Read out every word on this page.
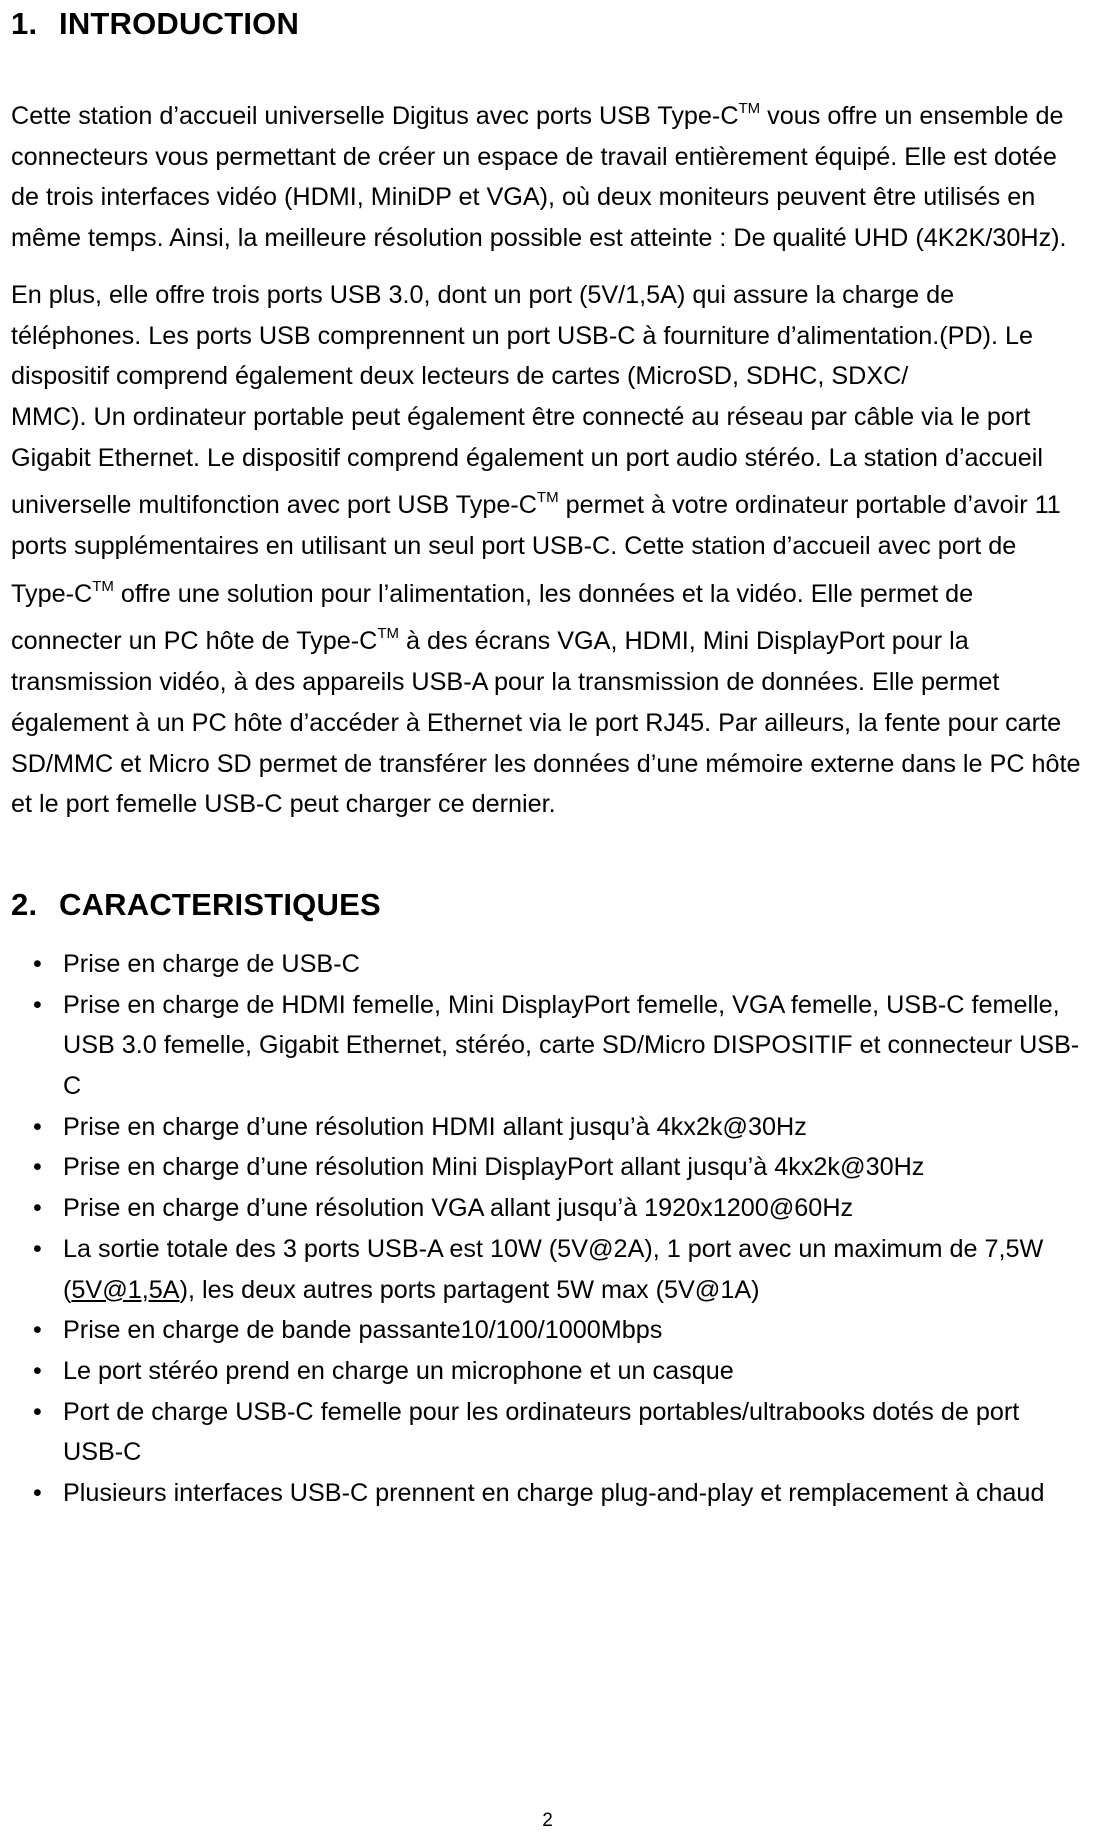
1. INTRODUCTION

Cette station d’accueil universelle Digitus avec ports USB Type-C™ vous offre un ensemble de connecteurs vous permettant de créer un espace de travail entièrement équipé. Elle est dotée de trois interfaces vidéo (HDMI, MiniDP et VGA), où deux moniteurs peuvent être utilisés en même temps. Ainsi, la meilleure résolution possible est atteinte : De qualité UHD (4K2K/30Hz).

En plus, elle offre trois ports USB 3.0, dont un port (5V/1,5A) qui assure la charge de téléphones. Les ports USB comprennent un port USB-C à fourniture d’alimentation.(PD). Le dispositif comprend également deux lecteurs de cartes (MicroSD, SDHC, SDXC/
MMC). Un ordinateur portable peut également être connecté au réseau par câble via le port Gigabit Ethernet. Le dispositif comprend également un port audio stéréo. La station d’accueil universelle multifonction avec port USB Type-C™ permet à votre ordinateur portable d’avoir 11 ports supplémentaires en utilisant un seul port USB-C. Cette station d’accueil avec port de Type-C™ offre une solution pour l’alimentation, les données et la vidéo. Elle permet de connecter un PC hôte de Type-C™ à des écrans VGA, HDMI, Mini DisplayPort pour la transmission vidéo, à des appareils USB-A pour la transmission de données. Elle permet également à un PC hôte d’accéder à Ethernet via le port RJ45. Par ailleurs, la fente pour carte SD/MMC et Micro SD permet de transférer les données d’une mémoire externe dans le PC hôte et le port femelle USB-C peut charger ce dernier.

2. CARACTERISTIQUES
• Prise en charge de USB-C
• Prise en charge de HDMI femelle, Mini DisplayPort femelle, VGA femelle, USB-C femelle, USB 3.0 femelle, Gigabit Ethernet, stéréo, carte SD/Micro DISPOSITIF et connecteur USB-C
• Prise en charge d’une résolution HDMI allant jusqu’à 4kx2k@30Hz
• Prise en charge d’une résolution Mini DisplayPort allant jusqu’à 4kx2k@30Hz
• Prise en charge d’une résolution VGA allant jusqu’à 1920x1200@60Hz
• La sortie totale des 3 ports USB-A est 10W (5V@2A), 1 port avec un maximum de 7,5W (5V@1,5A), les deux autres ports partagent 5W max (5V@1A)
• Prise en charge de bande passante10/100/1000Mbps
• Le port stéréo prend en charge un microphone et un casque
• Port de charge USB-C femelle pour les ordinateurs portables/ultrabooks dotés de port USB-C
• Plusieurs interfaces USB-C prennent en charge plug-and-play et remplacement à chaud
2
